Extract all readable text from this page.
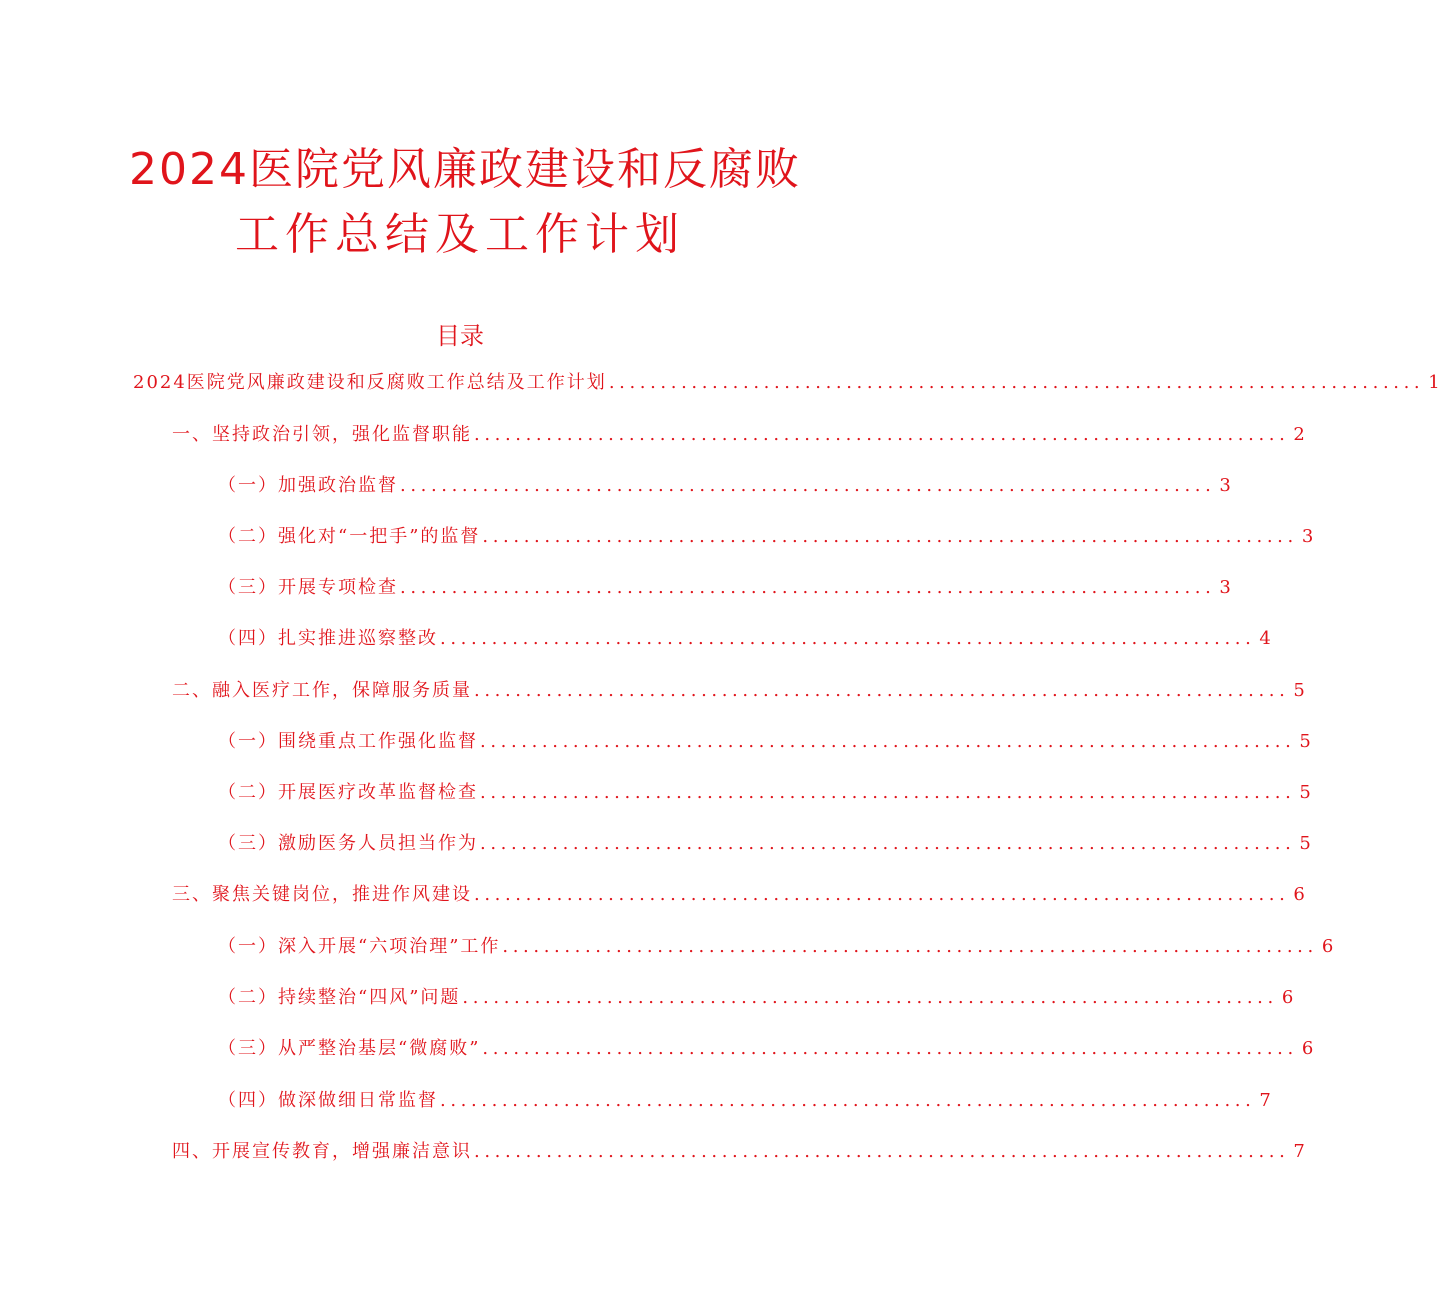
2024医院党风廉政建设和反腐败
工作总结及工作计划
目录
2024医院党风廉政建设和反腐败工作总结及工作计划 ............................................................................... 1
一、坚持政治引领，强化监督职能 ............................................................................... 2
（一）加强政治监督 ............................................................................... 3
（二）强化对“一把手”的监督 ............................................................................... 3
（三）开展专项检查 ............................................................................... 3
（四）扎实推进巡察整改 ............................................................................... 4
二、融入医疗工作，保障服务质量 ............................................................................... 5
（一）围绕重点工作强化监督 ............................................................................... 5
（二）开展医疗改革监督检查 ............................................................................... 5
（三）激励医务人员担当作为 ............................................................................... 5
三、聚焦关键岗位，推进作风建设 ............................................................................... 6
（一）深入开展“六项治理”工作 ............................................................................... 6
（二）持续整治“四风”问题 ............................................................................... 6
（三）从严整治基层“微腐败” ............................................................................... 6
（四）做深做细日常监督 ............................................................................... 7
四、开展宣传教育，增强廉洁意识 ............................................................................... 7
